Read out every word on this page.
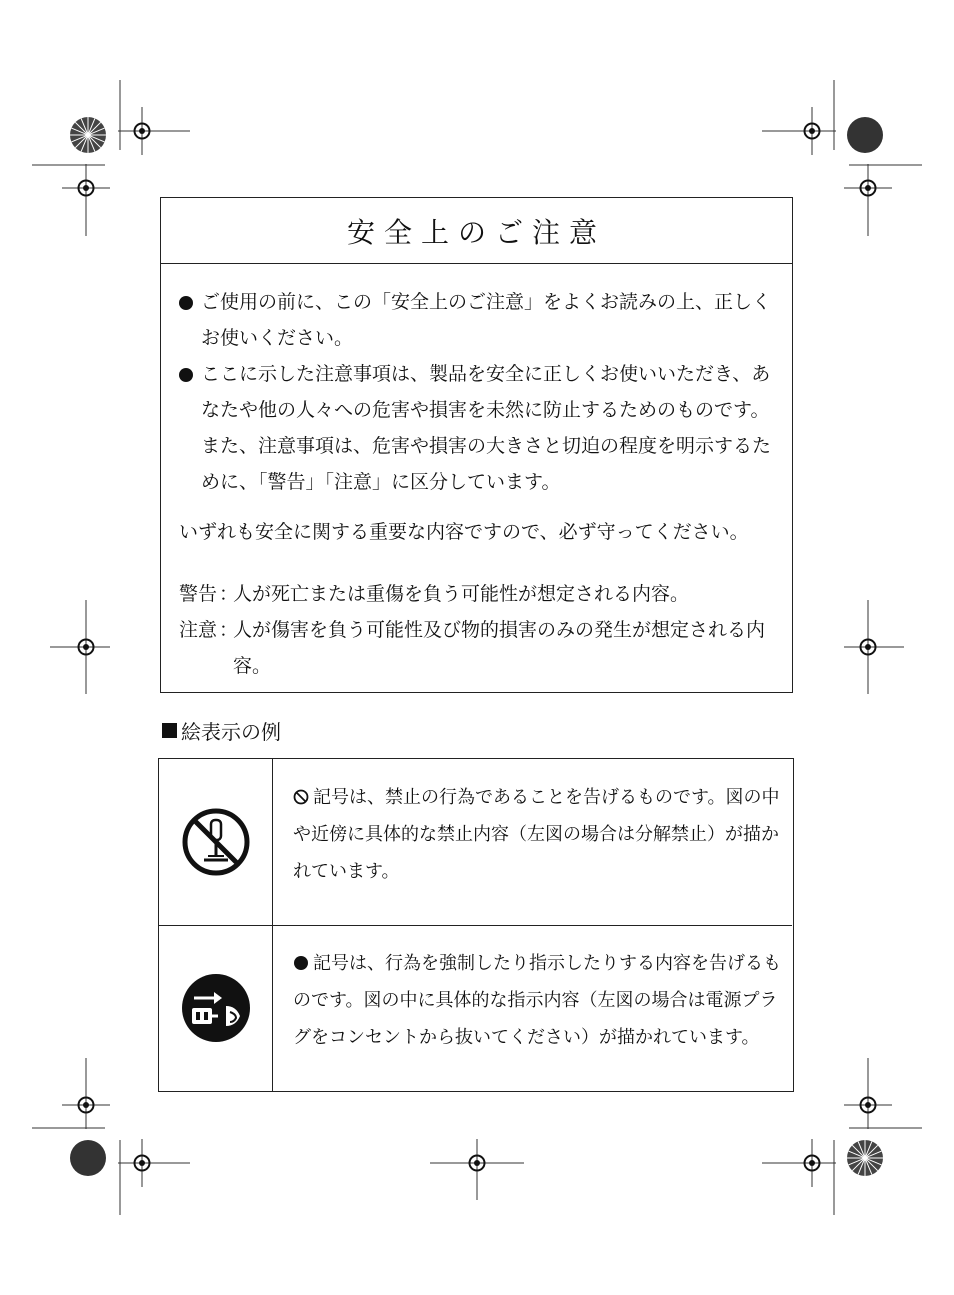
安全上のご注意

ご使用の前に、この「安全上のご注意」をよくお読みの上、正しくお使いください。

ここに示した注意事項は、製品を安全に正しくお使いいただき、あなたや他の人々への危害や損害を未然に防止するためのものです。また、注意事項は、危害や損害の大きさと切迫の程度を明示するために、「警告」「注意」に区分しています。

いずれも安全に関する重要な内容ですので、必ず守ってください。
警告 ：
人が死亡または重傷を負う可能性が想定される内容。
注意 ：
人が傷害を負う可能性及び物的損害のみの発生が想定される内容。
絵表示の例

記号は、禁止の行為であることを告げるものです。図の中や近傍に具体的な禁止内容（左図の場合は分解禁止）が描かれています。

記号は、行為を強制したり指示したりする内容を告げるものです。図の中に具体的な指示内容（左図の場合は電源プラグをコンセントから抜いてください）が描かれています。
